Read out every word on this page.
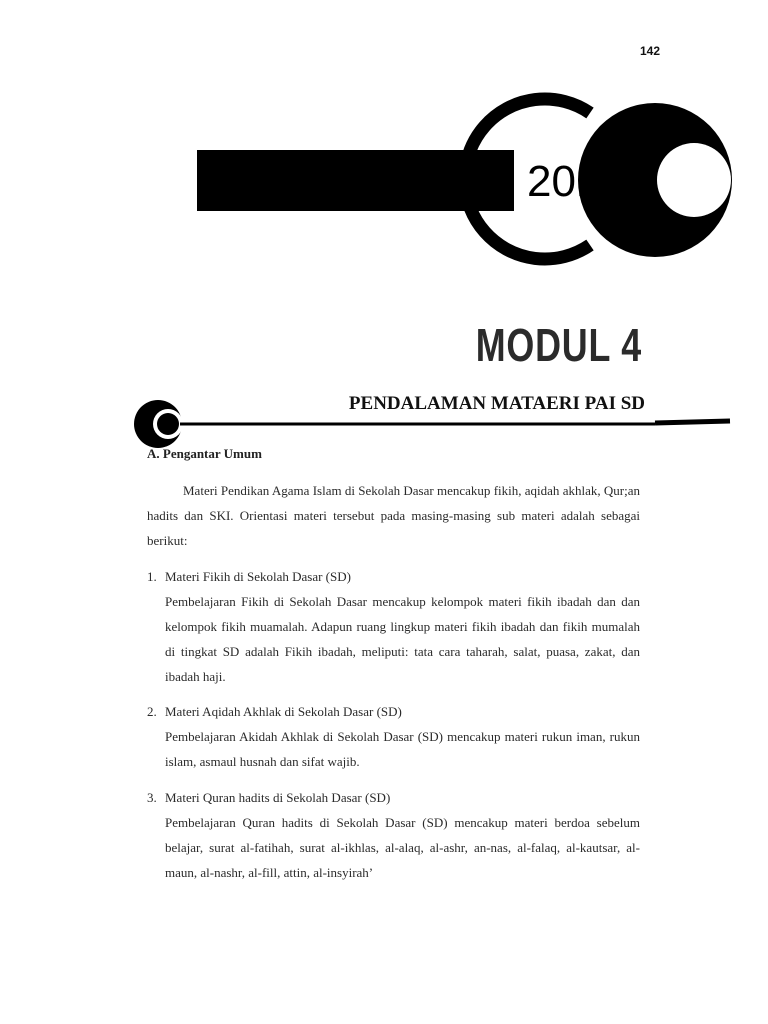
142
2015
MODUL 4
PENDALAMAN MATAERI PAI SD
A. Pengantar Umum
Materi Pendikan Agama Islam di Sekolah Dasar mencakup fikih, aqidah akhlak, Qur;an hadits dan SKI. Orientasi materi tersebut pada masing-masing sub materi adalah sebagai berikut:
1. Materi Fikih di Sekolah Dasar (SD)
Pembelajaran Fikih di Sekolah Dasar mencakup kelompok materi fikih ibadah dan dan kelompok fikih muamalah. Adapun ruang lingkup materi fikih ibadah dan fikih mumalah di tingkat SD adalah Fikih ibadah, meliputi: tata cara taharah, salat, puasa, zakat, dan ibadah haji.
2. Materi Aqidah Akhlak di Sekolah Dasar (SD)
Pembelajaran Akidah Akhlak di Sekolah Dasar (SD) mencakup materi rukun iman, rukun islam, asmaul husnah dan sifat wajib.
3. Materi Quran hadits di Sekolah Dasar (SD)
Pembelajaran Quran hadits di Sekolah Dasar (SD) mencakup materi berdoa sebelum belajar, surat al-fatihah, surat al-ikhlas, al-alaq, al-ashr, an-nas, al-falaq, al-kautsar, al-maun, al-nashr, al-fill, attin, al-insyirah’
